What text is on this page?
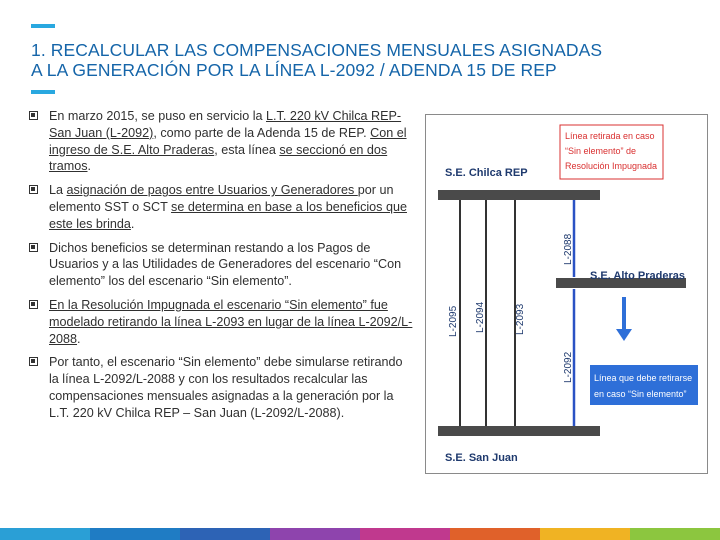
1. RECALCULAR LAS COMPENSACIONES MENSUALES ASIGNADAS
A LA GENERACIÓN POR LA LÍNEA L-2092 / ADENDA 15 DE REP
En marzo 2015, se puso en servicio la L.T. 220 kV Chilca REP-San Juan (L-2092), como parte de la Adenda 15 de REP. Con el ingreso de S.E. Alto Praderas, esta línea se seccionó en dos tramos.
La asignación de pagos entre Usuarios y Generadores por un elemento SST o SCT se determina en base a los beneficios que este les brinda.
Dichos beneficios se determinan restando a los Pagos de Usuarios y a las Utilidades de Generadores del escenario “Con elemento” los del escenario “Sin elemento”.
En la Resolución Impugnada el escenario “Sin elemento” fue modelado retirando la línea L-2093 en lugar de la línea L-2092/L-2088.
Por tanto, el escenario “Sin elemento” debe simularse retirando la línea L-2092/L-2088 y con los resultados recalcular las compensaciones mensuales asignadas a la generación por la L.T. 220 kV Chilca REP – San Juan (L-2092/L-2088).
S.E. Chilca REP
S.E. Alto Praderas
S.E. San Juan
L-2095 L-2094	L-2093
L-2088
L-2092
Línea retirada en caso
“Sin elemento” de
Resolución Impugnada
Línea que debe retirarse
en caso “Sin elemento”
